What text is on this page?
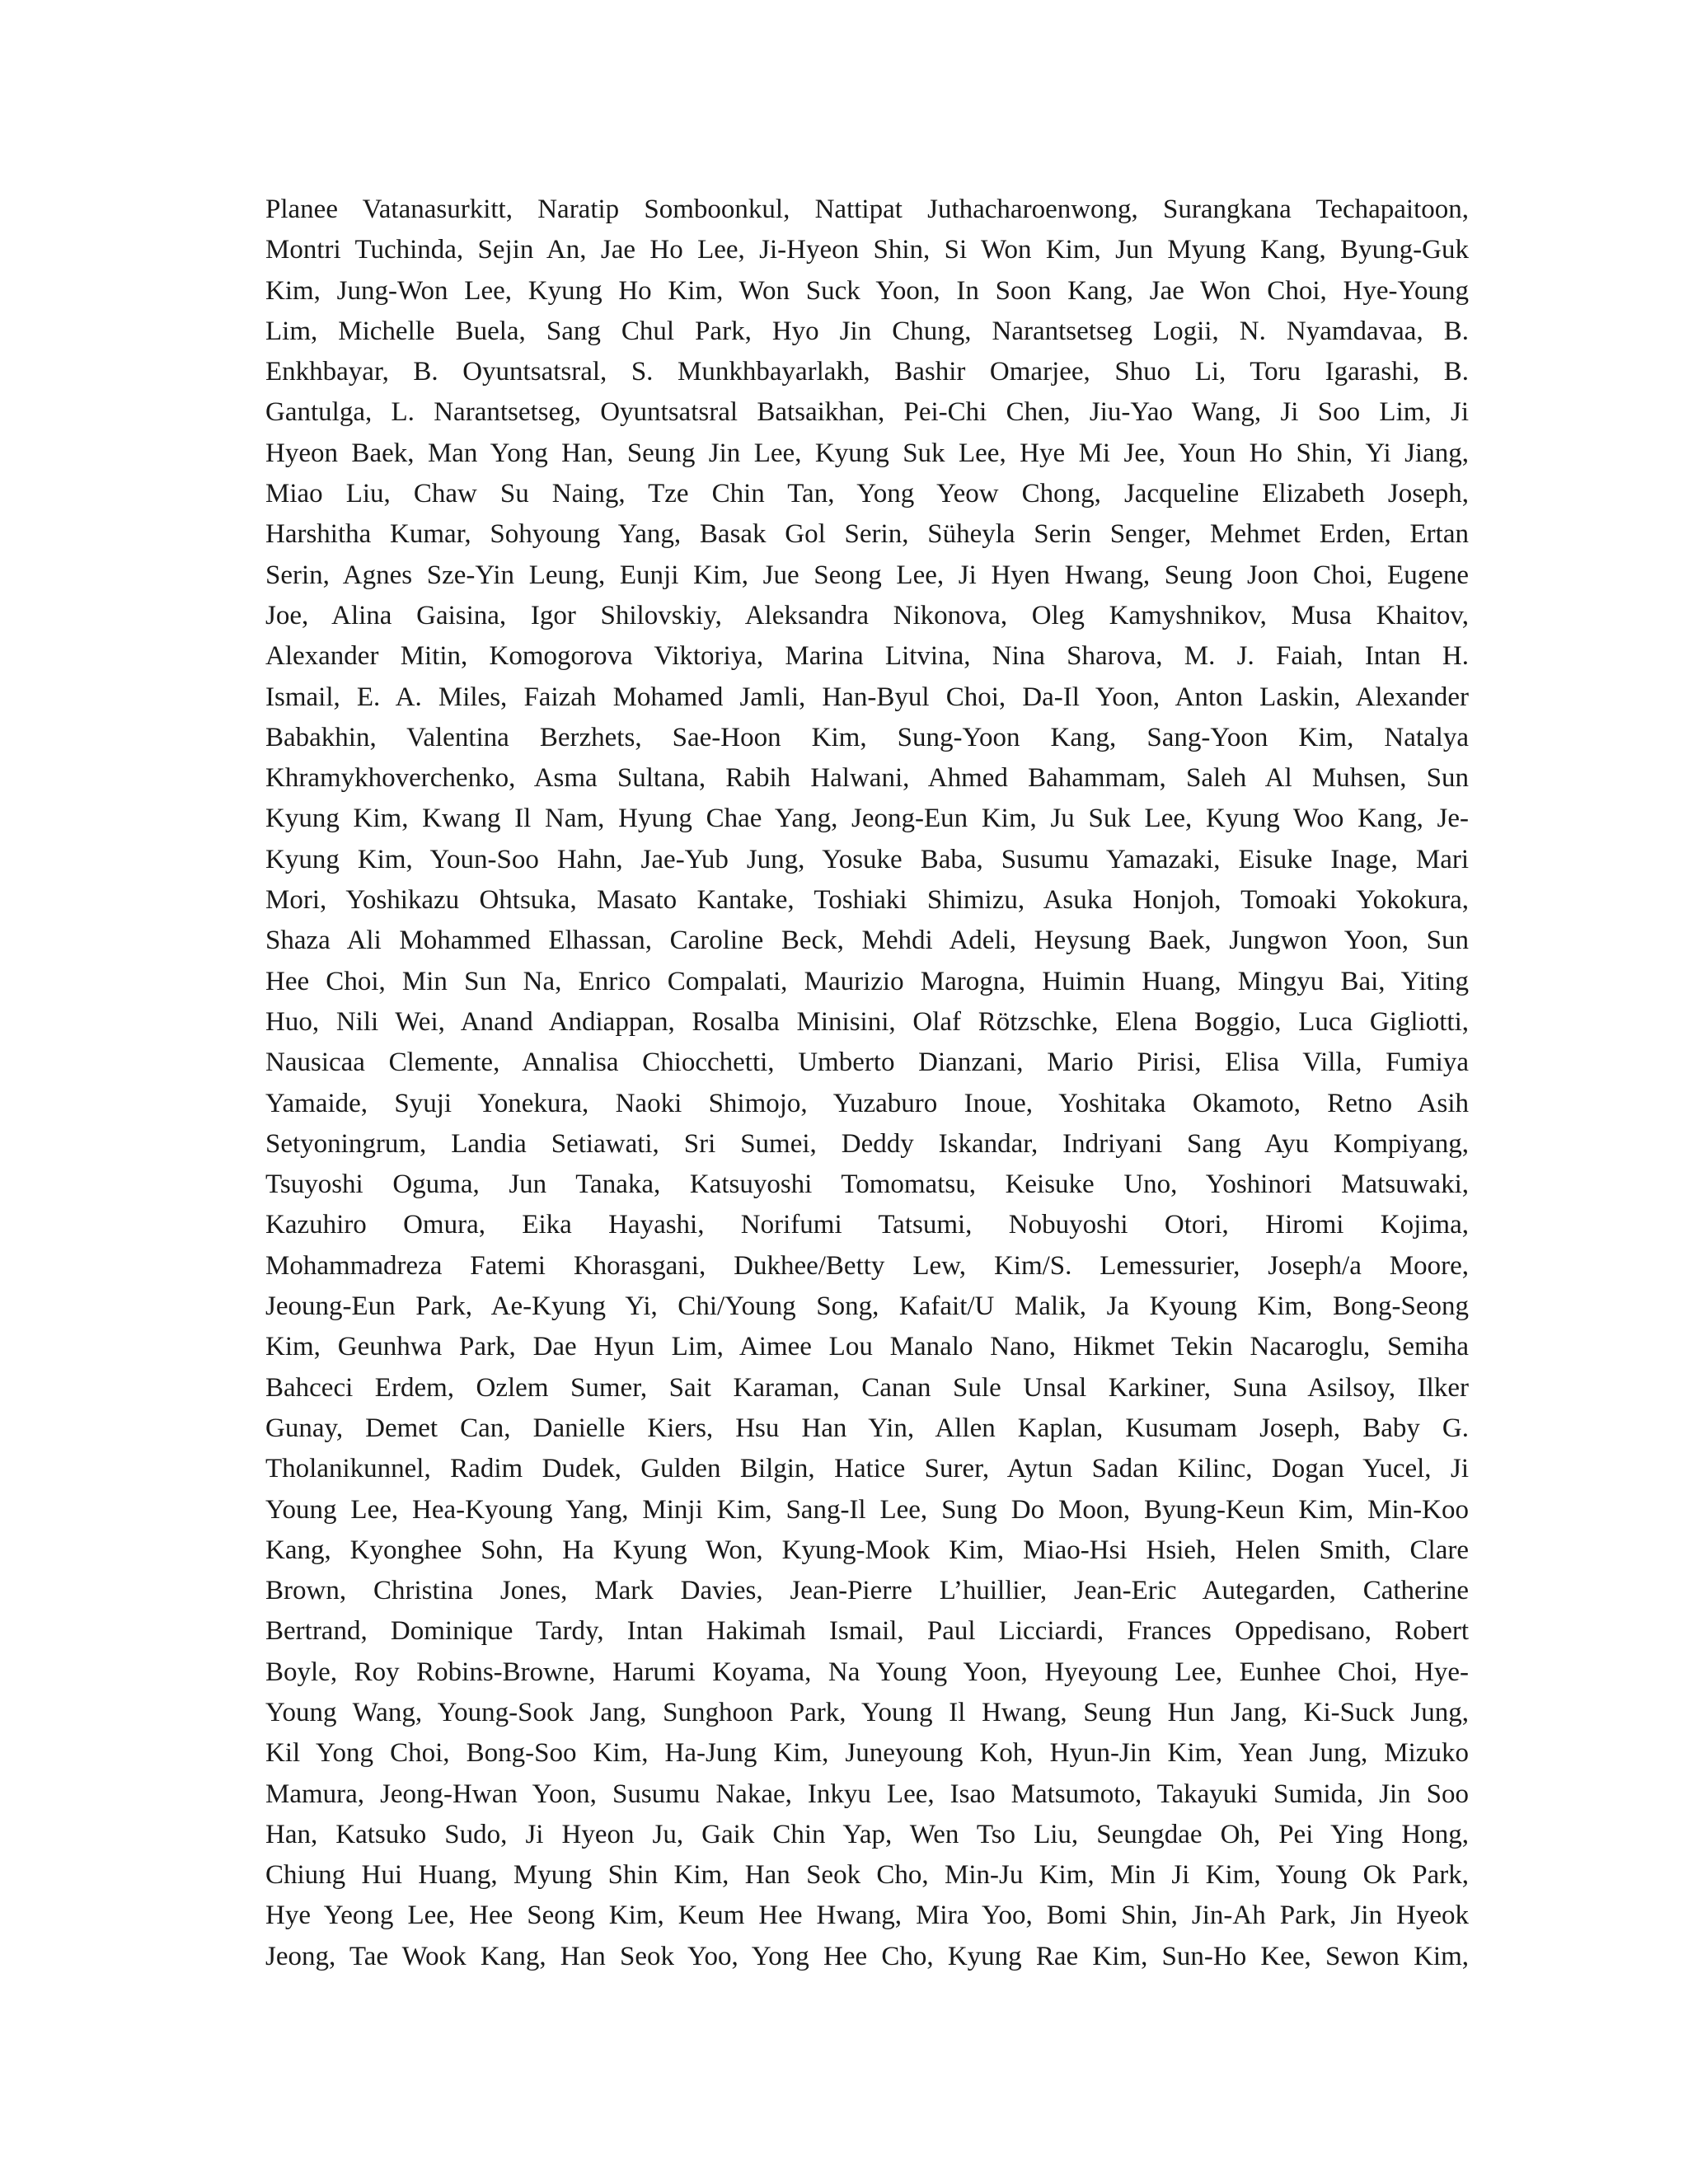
Planee Vatanasurkitt, Naratip Somboonkul, Nattipat Juthacharoenwong, Surangkana Techapaitoon,
Montri Tuchinda, Sejin An, Jae Ho Lee, Ji-Hyeon Shin, Si Won Kim, Jun Myung Kang, Byung-Guk
Kim, Jung-Won Lee, Kyung Ho Kim, Won Suck Yoon, In Soon Kang, Jae Won Choi, Hye-Young
Lim, Michelle Buela, Sang Chul Park, Hyo Jin Chung, Narantsetseg Logii, N. Nyamdavaa, B.
Enkhbayar, B. Oyuntsatsral, S. Munkhbayarlakh, Bashir Omarjee, Shuo Li, Toru Igarashi, B.
Gantulga, L. Narantsetseg, Oyuntsatsral Batsaikhan, Pei-Chi Chen, Jiu-Yao Wang, Ji Soo Lim, Ji
Hyeon Baek, Man Yong Han, Seung Jin Lee, Kyung Suk Lee, Hye Mi Jee, Youn Ho Shin, Yi Jiang,
Miao Liu, Chaw Su Naing, Tze Chin Tan, Yong Yeow Chong, Jacqueline Elizabeth Joseph,
Harshitha Kumar, Sohyoung Yang, Basak Gol Serin, Süheyla Serin Senger, Mehmet Erden, Ertan
Serin, Agnes Sze-Yin Leung, Eunji Kim, Jue Seong Lee, Ji Hyen Hwang, Seung Joon Choi, Eugene
Joe, Alina Gaisina, Igor Shilovskiy, Aleksandra Nikonova, Oleg Kamyshnikov, Musa Khaitov,
Alexander Mitin, Komogorova Viktoriya, Marina Litvina, Nina Sharova, M. J. Faiah, Intan H.
Ismail, E. A. Miles, Faizah Mohamed Jamli, Han-Byul Choi, Da-Il Yoon, Anton Laskin, Alexander
Babakhin, Valentina Berzhets, Sae-Hoon Kim, Sung-Yoon Kang, Sang-Yoon Kim, Natalya
Khramykhoverchenko, Asma Sultana, Rabih Halwani, Ahmed Bahammam, Saleh Al Muhsen, Sun
Kyung Kim, Kwang Il Nam, Hyung Chae Yang, Jeong-Eun Kim, Ju Suk Lee, Kyung Woo Kang, Je-
Kyung Kim, Youn-Soo Hahn, Jae-Yub Jung, Yosuke Baba, Susumu Yamazaki, Eisuke Inage, Mari
Mori, Yoshikazu Ohtsuka, Masato Kantake, Toshiaki Shimizu, Asuka Honjoh, Tomoaki Yokokura,
Shaza Ali Mohammed Elhassan, Caroline Beck, Mehdi Adeli, Heysung Baek, Jungwon Yoon, Sun
Hee Choi, Min Sun Na, Enrico Compalati, Maurizio Marogna, Huimin Huang, Mingyu Bai, Yiting
Huo, Nili Wei, Anand Andiappan, Rosalba Minisini, Olaf Rötzschke, Elena Boggio, Luca Gigliotti,
Nausicaa Clemente, Annalisa Chiocchetti, Umberto Dianzani, Mario Pirisi, Elisa Villa, Fumiya
Yamaide, Syuji Yonekura, Naoki Shimojo, Yuzaburo Inoue, Yoshitaka Okamoto, Retno Asih
Setyoningrum, Landia Setiawati, Sri Sumei, Deddy Iskandar, Indriyani Sang Ayu Kompiyang,
Tsuyoshi Oguma, Jun Tanaka, Katsuyoshi Tomomatsu, Keisuke Uno, Yoshinori Matsuwaki,
Kazuhiro Omura, Eika Hayashi, Norifumi Tatsumi, Nobuyoshi Otori, Hiromi Kojima,
Mohammadreza Fatemi Khorasgani, Dukhee/Betty Lew, Kim/S. Lemessurier, Joseph/a Moore,
Jeoung-Eun Park, Ae-Kyung Yi, Chi/Young Song, Kafait/U Malik, Ja Kyoung Kim, Bong-Seong
Kim, Geunhwa Park, Dae Hyun Lim, Aimee Lou Manalo Nano, Hikmet Tekin Nacaroglu, Semiha
Bahceci Erdem, Ozlem Sumer, Sait Karaman, Canan Sule Unsal Karkiner, Suna Asilsoy, Ilker
Gunay, Demet Can, Danielle Kiers, Hsu Han Yin, Allen Kaplan, Kusumam Joseph, Baby G.
Tholanikunnel, Radim Dudek, Gulden Bilgin, Hatice Surer, Aytun Sadan Kilinc, Dogan Yucel, Ji
Young Lee, Hea-Kyoung Yang, Minji Kim, Sang-Il Lee, Sung Do Moon, Byung-Keun Kim, Min-Koo
Kang, Kyonghee Sohn, Ha Kyung Won, Kyung-Mook Kim, Miao-Hsi Hsieh, Helen Smith, Clare
Brown, Christina Jones, Mark Davies, Jean-Pierre L’huillier, Jean-Eric Autegarden, Catherine
Bertrand, Dominique Tardy, Intan Hakimah Ismail, Paul Licciardi, Frances Oppedisano, Robert
Boyle, Roy Robins-Browne, Harumi Koyama, Na Young Yoon, Hyeyoung Lee, Eunhee Choi, Hye-
Young Wang, Young-Sook Jang, Sunghoon Park, Young Il Hwang, Seung Hun Jang, Ki-Suck Jung,
Kil Yong Choi, Bong-Soo Kim, Ha-Jung Kim, Juneyoung Koh, Hyun-Jin Kim, Yean Jung, Mizuko
Mamura, Jeong-Hwan Yoon, Susumu Nakae, Inkyu Lee, Isao Matsumoto, Takayuki Sumida, Jin Soo
Han, Katsuko Sudo, Ji Hyeon Ju, Gaik Chin Yap, Wen Tso Liu, Seungdae Oh, Pei Ying Hong,
Chiung Hui Huang, Myung Shin Kim, Han Seok Cho, Min-Ju Kim, Min Ji Kim, Young Ok Park,
Hye Yeong Lee, Hee Seong Kim, Keum Hee Hwang, Mira Yoo, Bomi Shin, Jin-Ah Park, Jin Hyeok
Jeong, Tae Wook Kang, Han Seok Yoo, Yong Hee Cho, Kyung Rae Kim, Sun-Ho Kee, Sewon Kim,
